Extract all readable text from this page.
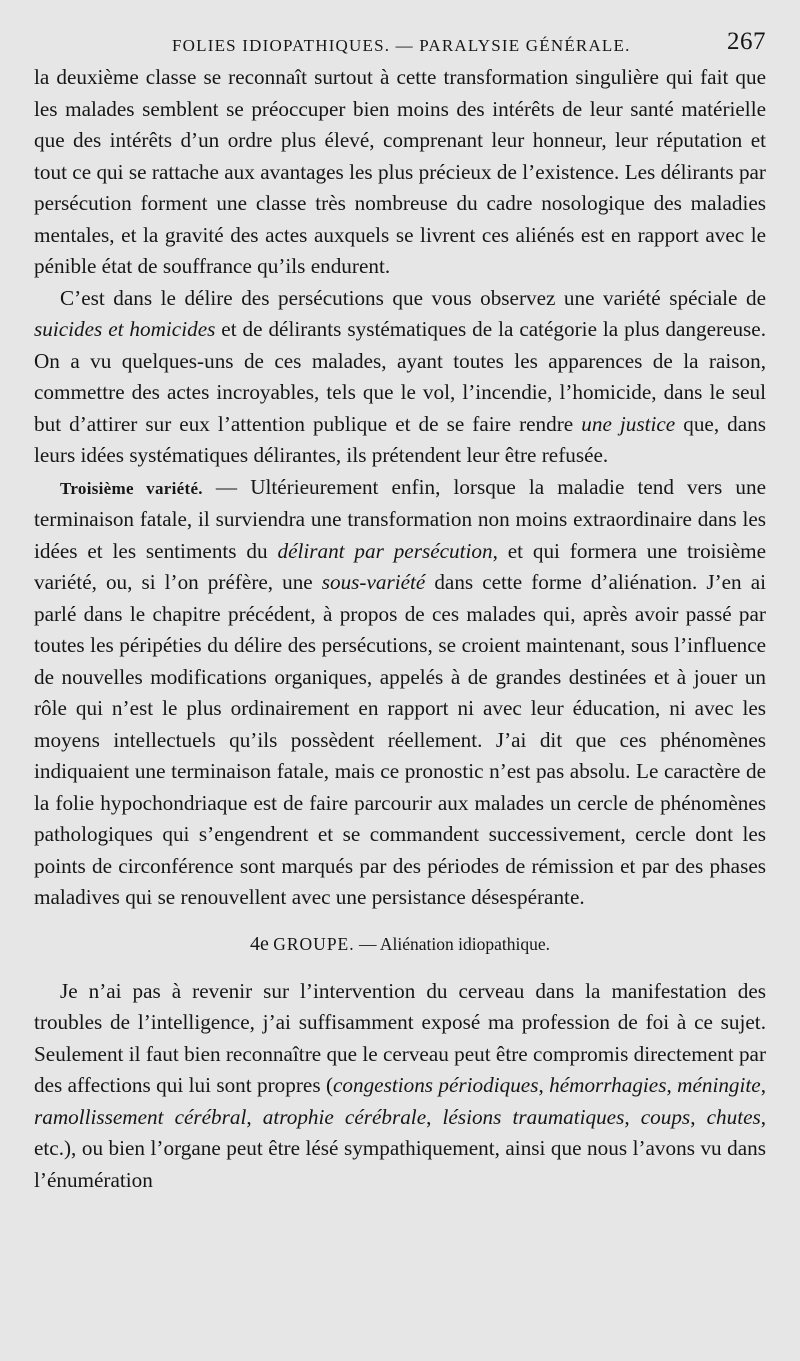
FOLIES IDIOPATHIQUES. — PARALYSIE GÉNÉRALE.	267

la deuxième classe se reconnaît surtout à cette transformation singulière qui fait que les malades semblent se préoccuper bien moins des intérêts de leur santé matérielle que des intérêts d’un ordre plus élevé, comprenant leur honneur, leur réputation et tout ce qui se rattache aux avantages les plus précieux de l’existence. Les délirants par persécution forment une classe très nombreuse du cadre nosologique des maladies mentales, et la gravité des actes auxquels se livrent ces aliénés est en rapport avec le pénible état de souffrance qu’ils endurent.

C’est dans le délire des persécutions que vous observez une variété spéciale de suicides et homicides et de délirants systématiques de la catégorie la plus dangereuse. On a vu quelques-uns de ces malades, ayant toutes les apparences de la raison, commettre des actes incroyables, tels que le vol, l’incendie, l’homicide, dans le seul but d’attirer sur eux l’attention publique et de se faire rendre une justice que, dans leurs idées systématiques délirantes, ils prétendent leur être refusée.

Troisième variété. — Ultérieurement enfin, lorsque la maladie tend vers une terminaison fatale, il surviendra une transformation non moins extraordinaire dans les idées et les sentiments du délirant par persécution, et qui formera une troisième variété, ou, si l’on préfère, une sous-variété dans cette forme d’aliénation. J’en ai parlé dans le chapitre précédent, à propos de ces malades qui, après avoir passé par toutes les péripéties du délire des persécutions, se croient maintenant, sous l’influence de nouvelles modifications organiques, appelés à de grandes destinées et à jouer un rôle qui n’est le plus ordinairement en rapport ni avec leur éducation, ni avec les moyens intellectuels qu’ils possèdent réellement. J’ai dit que ces phénomènes indiquaient une terminaison fatale, mais ce pronostic n’est pas absolu. Le caractère de la folie hypochondriaque est de faire parcourir aux malades un cercle de phénomènes pathologiques qui s’engendrent et se commandent successivement, cercle dont les points de circonférence sont marqués par des périodes de rémission et par des phases maladives qui se renouvellent avec une persistance désespérante.

4e GROUPE. — Aliénation idiopathique.

Je n’ai pas à revenir sur l’intervention du cerveau dans la manifestation des troubles de l’intelligence, j’ai suffisamment exposé ma profession de foi à ce sujet. Seulement il faut bien reconnaître que le cerveau peut être compromis directement par des affections qui lui sont propres (congestions périodiques, hémorrhagies, méningite, ramollissement cérébral, atrophie cérébrale, lésions traumatiques, coups, chutes, etc.), ou bien l’organe peut être lésé sympathiquement, ainsi que nous l’avons vu dans l’énumération
